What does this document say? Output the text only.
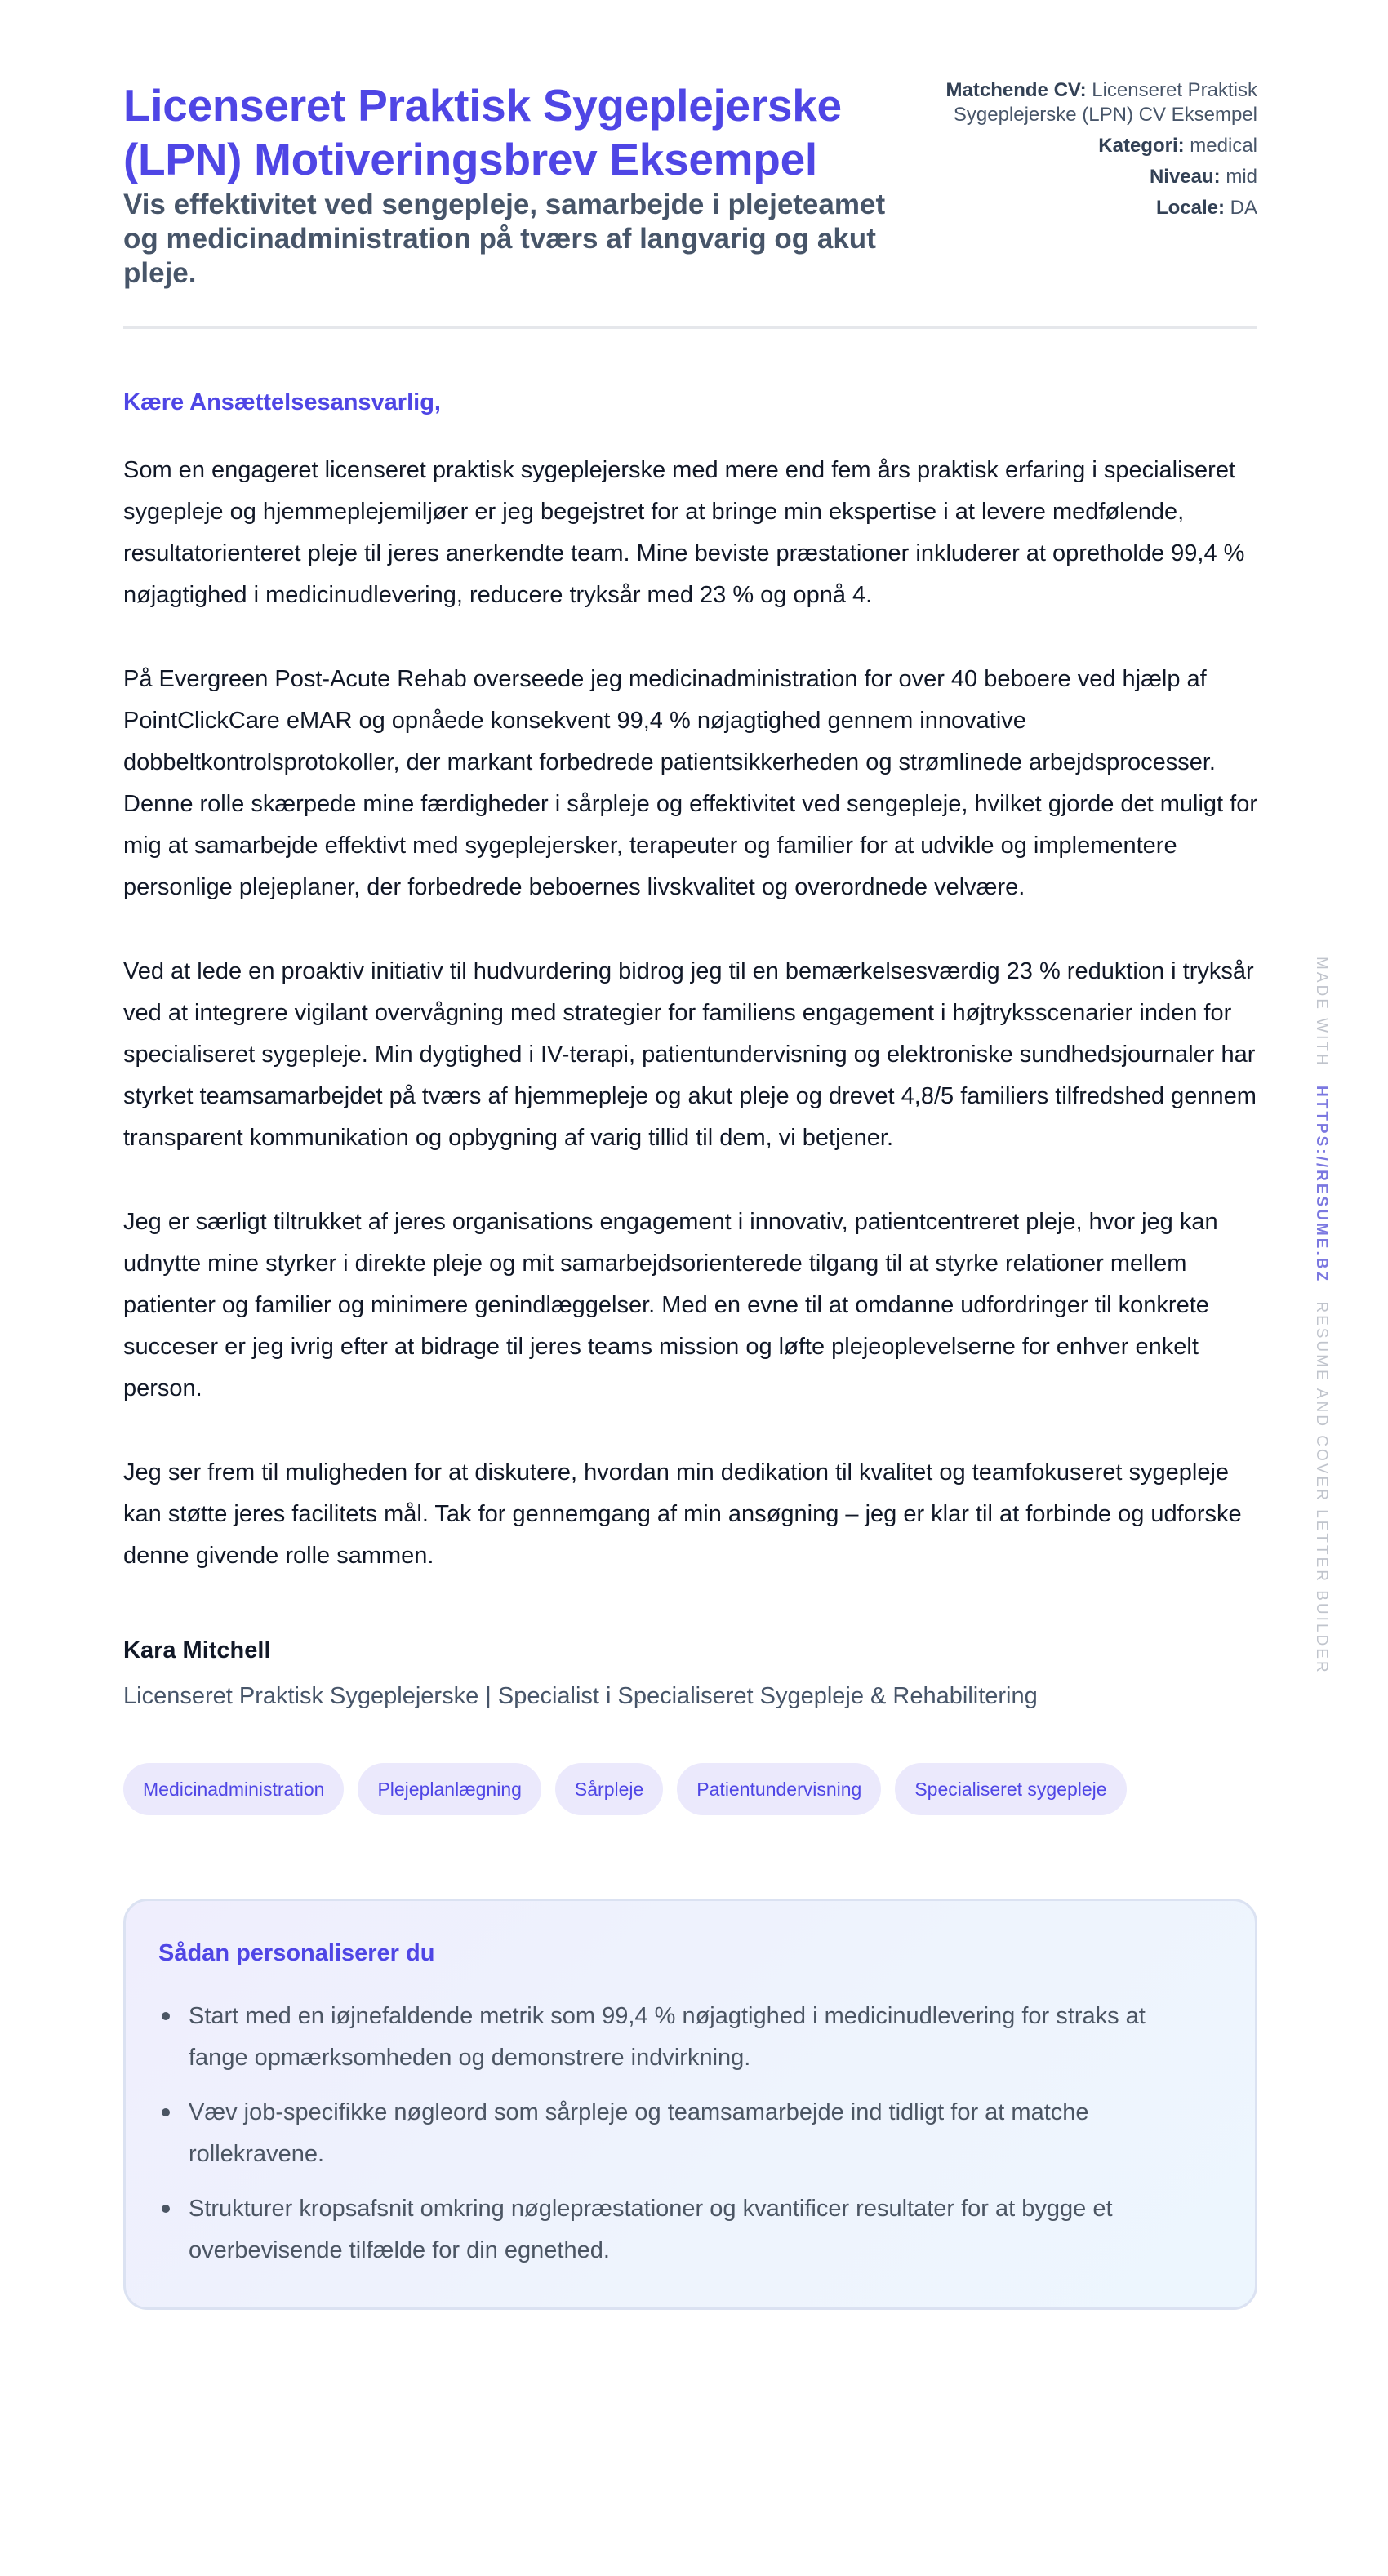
Licenseret Praktisk Sygeplejerske (LPN) Motiveringsbrev Eksempel
Vis effektivitet ved sengepleje, samarbejde i plejeteamet og medicinadministration på tværs af langvarig og akut pleje.
Matchende CV: Licenseret Praktisk Sygeplejerske (LPN) CV Eksempel
Kategori: medical
Niveau: mid
Locale: DA

Kære Ansættelsesansvarlig,

Som en engageret licenseret praktisk sygeplejerske med mere end fem års praktisk erfaring i specialiseret sygepleje og hjemmeplejemiljøer er jeg begejstret for at bringe min ekspertise i at levere medfølende, resultatorienteret pleje til jeres anerkendte team. Mine beviste præstationer inkluderer at opretholde 99,4 % nøjagtighed i medicinudlevering, reducere tryksår med 23 % og opnå 4.

På Evergreen Post-Acute Rehab overseede jeg medicinadministration for over 40 beboere ved hjælp af PointClickCare eMAR og opnåede konsekvent 99,4 % nøjagtighed gennem innovative dobbeltkontrolsprotokoller, der markant forbedrede patientsikkerheden og strømlinede arbejdsprocesser. Denne rolle skærpede mine færdigheder i sårpleje og effektivitet ved sengepleje, hvilket gjorde det muligt for mig at samarbejde effektivt med sygeplejersker, terapeuter og familier for at udvikle og implementere personlige plejeplaner, der forbedrede beboernes livskvalitet og overordnede velvære.

Ved at lede en proaktiv initiativ til hudvurdering bidrog jeg til en bemærkelsesværdig 23 % reduktion i tryksår ved at integrere vigilant overvågning med strategier for familiens engagement i højtryksscenarier inden for specialiseret sygepleje. Min dygtighed i IV-terapi, patientundervisning og elektroniske sundhedsjournaler har styrket teamsamarbejdet på tværs af hjemmepleje og akut pleje og drevet 4,8/5 familiers tilfredshed gennem transparent kommunikation og opbygning af varig tillid til dem, vi betjener.

Jeg er særligt tiltrukket af jeres organisations engagement i innovativ, patientcentreret pleje, hvor jeg kan udnytte mine styrker i direkte pleje og mit samarbejdsorienterede tilgang til at styrke relationer mellem patienter og familier og minimere genindlæggelser. Med en evne til at omdanne udfordringer til konkrete succeser er jeg ivrig efter at bidrage til jeres teams mission og løfte plejeoplevelserne for enhver enkelt person.

Jeg ser frem til muligheden for at diskutere, hvordan min dedikation til kvalitet og teamfokuseret sygepleje kan støtte jeres facilitets mål. Tak for gennemgang af min ansøgning – jeg er klar til at forbinde og udforske denne givende rolle sammen.

Kara Mitchell
Licenseret Praktisk Sygeplejerske | Specialist i Specialiseret Sygepleje & Rehabilitering
Medicinadministration	Plejeplanlægning	Sårpleje	Patientundervisning	Specialiseret sygepleje
Sådan personaliserer du
Start med en iøjnefaldende metrik som 99,4 % nøjagtighed i medicinudlevering for straks at fange opmærksomheden og demonstrere indvirkning.
Væv job-specifikke nøgleord som sårpleje og teamsamarbejde ind tidligt for at matche rollekravene.
Strukturer kropsafsnit omkring nøglepræstationer og kvantificer resultater for at bygge et overbevisende tilfælde for din egnethed.
MADE WITH HTTPS://RESUME.BZ RESUME AND COVER LETTER BUILDER
